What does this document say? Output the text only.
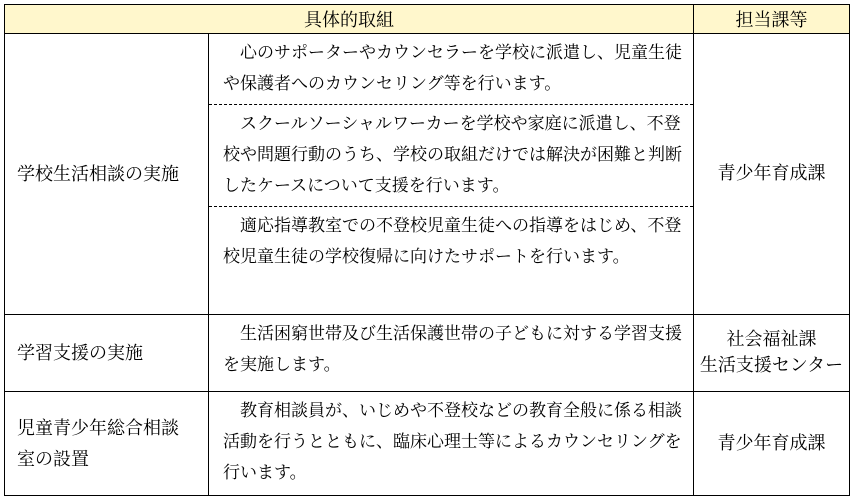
具体的取組		担当課等
学校生活相談の実施	心のサポーターやカウンセラーを学校に派遣し、児童生徒や保護者へのカウンセリング等を行います。
スクールソーシャルワーカーを学校や家庭に派遣し、不登校や問題行動のうち、学校の取組だけでは解決が困難と判断したケースについて支援を行います。
適応指導教室での不登校児童生徒への指導をはじめ、不登校児童生徒の学校復帰に向けたサポートを行います。	青少年育成課

学習支援の実施	生活困窮世帯及び生活保護世帯の子どもに対する学習支援を実施します。	社会福祉課
生活支援センター

児童青少年総合相談室の設置	教育相談員が、いじめや不登校などの教育全般に係る相談活動を行うとともに、臨床心理士等によるカウンセリングを行います。	青少年育成課
